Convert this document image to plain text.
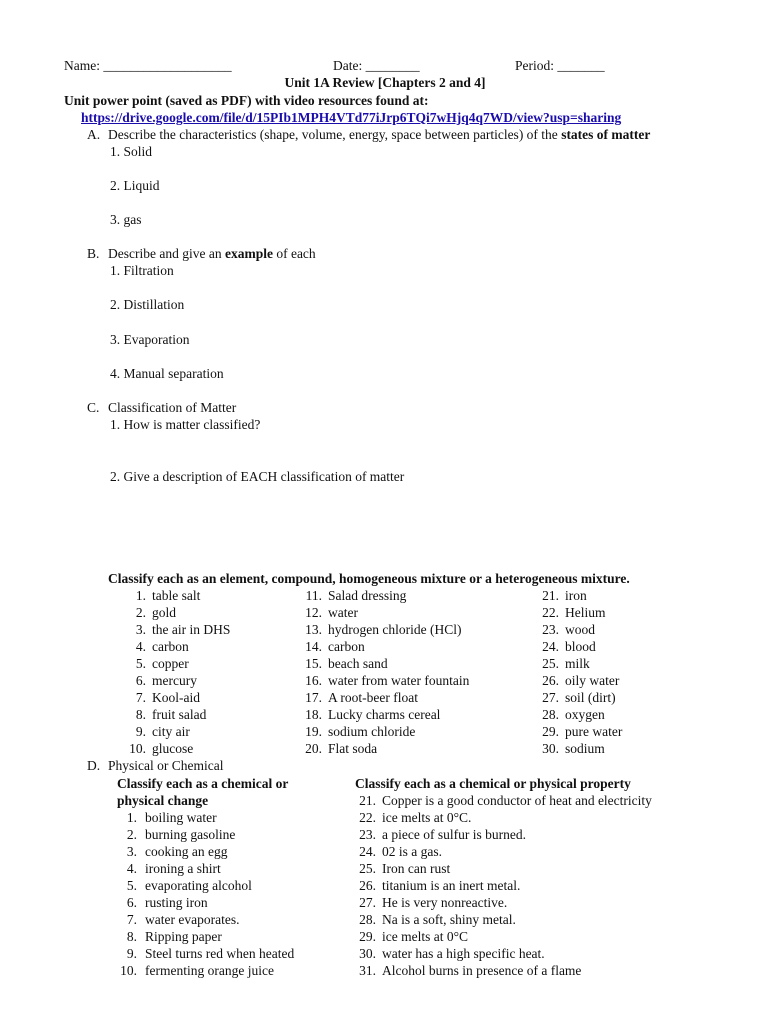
Name: ___________________	Date: ________	Period: _______
Unit 1A Review [Chapters 2 and 4]
Unit power point (saved as PDF) with video resources found at:
https://drive.google.com/file/d/15PIb1MPH4VTd77iJrp6TQi7wHjq4q7WD/view?usp=sharing
A. Describe the characteristics (shape, volume, energy, space between particles) of the states of matter
1. Solid
2. Liquid
3. gas
B. Describe and give an example of each
1. Filtration
2. Distillation
3. Evaporation
4. Manual separation
C. Classification of Matter
1. How is matter classified?
2. Give a description of EACH classification of matter
Classify each as an element, compound, homogeneous mixture or a heterogeneous mixture.
1. table salt
2. gold
3. the air in DHS
4. carbon
5. copper
6. mercury
7. Kool-aid
8. fruit salad
9. city air
10. glucose
11. Salad dressing
12. water
13. hydrogen chloride (HCl)
14. carbon
15. beach sand
16. water from water fountain
17. A root-beer float
18. Lucky charms cereal
19. sodium chloride
20. Flat soda
21. iron
22. Helium
23. wood
24. blood
25. milk
26. oily water
27. soil (dirt)
28. oxygen
29. pure water
30. sodium
D. Physical or Chemical
Classify each as a chemical or
physical change
1. boiling water
2. burning gasoline
3. cooking an egg
4. ironing a shirt
5. evaporating alcohol
6. rusting iron
7. water evaporates.
8. Ripping paper
9. Steel turns red when heated
10. fermenting orange juice
Classify each as a chemical or physical property
21. Copper is a good conductor of heat and electricity
22. ice melts at 0°C.
23. a piece of sulfur is burned.
24. 02 is a gas.
25. Iron can rust
26. titanium is an inert metal.
27. He is very nonreactive.
28. Na is a soft, shiny metal.
29. ice melts at 0°C
30. water has a high specific heat.
31. Alcohol burns in presence of a flame
